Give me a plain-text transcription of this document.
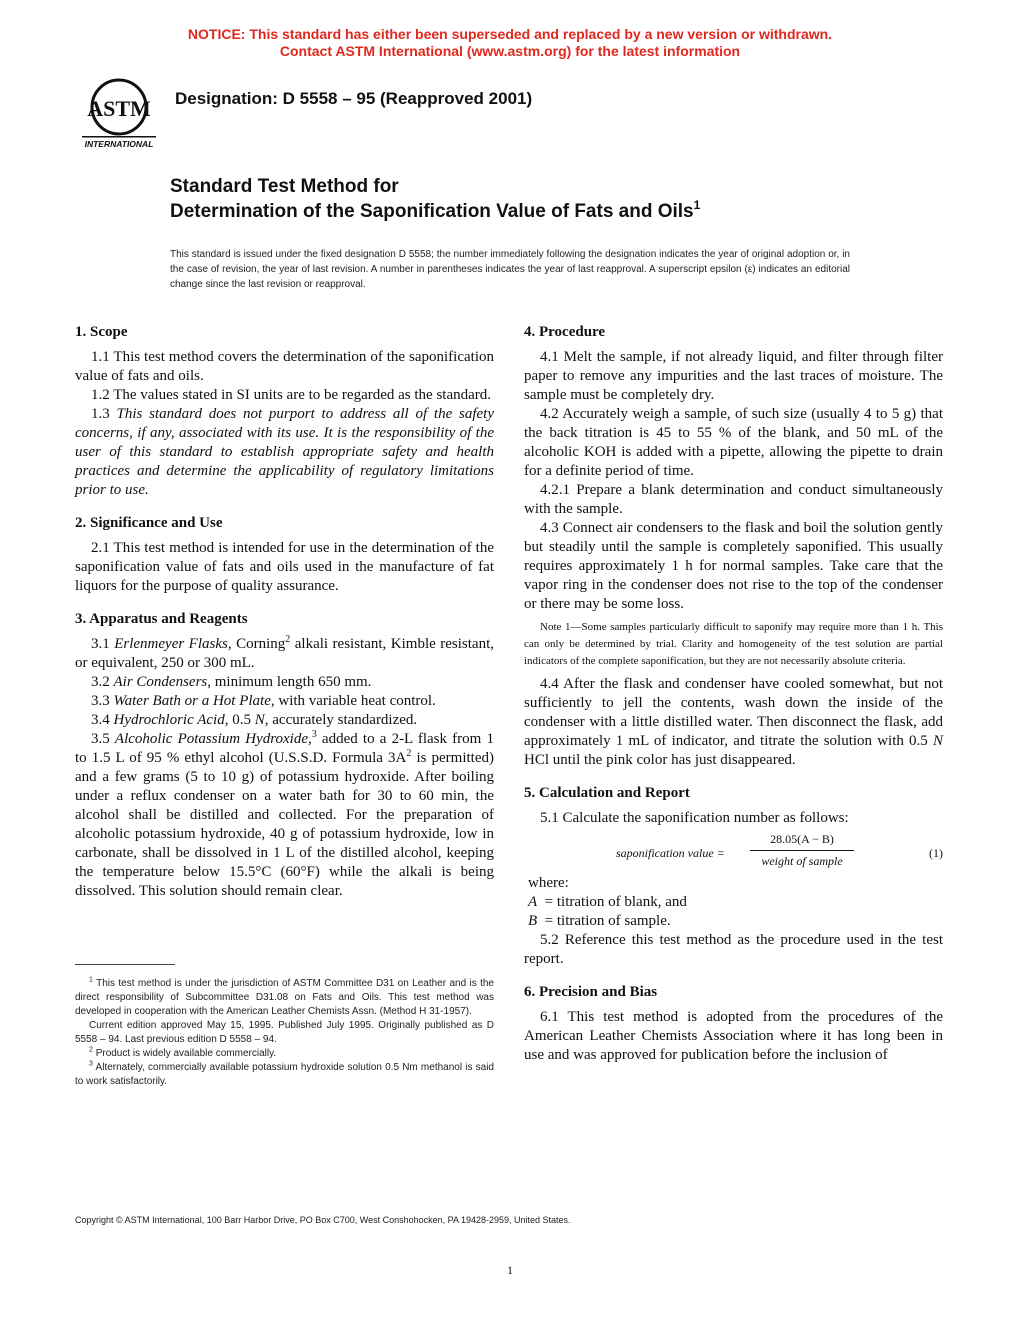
NOTICE: This standard has either been superseded and replaced by a new version or withdrawn.
Contact ASTM International (www.astm.org) for the latest information
ASTM
INTERNATIONAL
Designation: D 5558 – 95 (Reapproved 2001)
Standard Test Method for
Determination of the Saponification Value of Fats and Oils$^1$
This standard is issued under the fixed designation D 5558; the number immediately following the designation indicates the year of original adoption or, in the case of revision, the year of last revision. A number in parentheses indicates the year of last reapproval. A superscript epsilon (ε) indicates an editorial change since the last revision or reapproval.
1. Scope

1.1 This test method covers the determination of the saponification value of fats and oils.

1.2 The values stated in SI units are to be regarded as the standard.

1.3 This standard does not purport to address all of the safety concerns, if any, associated with its use. It is the responsibility of the user of this standard to establish appropriate safety and health practices and determine the applicability of regulatory limitations prior to use.

2. Significance and Use

2.1 This test method is intended for use in the determination of the saponification value of fats and oils used in the manufacture of fat liquors for the purpose of quality assurance.

3. Apparatus and Reagents

3.1 Erlenmeyer Flasks, Corning$^2$ alkali resistant, Kimble resistant, or equivalent, 250 or 300 mL.

3.2 Air Condensers, minimum length 650 mm.

3.3 Water Bath or a Hot Plate, with variable heat control.

3.4 Hydrochloric Acid, 0.5 N, accurately standardized.

3.5 Alcoholic Potassium Hydroxide,$^3$ added to a 2-L flask from 1 to 1.5 L of 95 % ethyl alcohol (U.S.S.D. Formula $3A^2$ is permitted) and a few grams (5 to 10 g) of potassium hydroxide. After boiling under a reflux condenser on a water bath for 30 to 60 min, the alcohol shall be distilled and collected. For the preparation of alcoholic potassium hydroxide, 40 g of potassium hydroxide, low in carbonate, shall be dissolved in 1 L of the distilled alcohol, keeping the temperature below 15.5°C (60°F) while the alkali is being dissolved. This solution should remain clear.

4. Procedure

4.1 Melt the sample, if not already liquid, and filter through filter paper to remove any impurities and the last traces of moisture. The sample must be completely dry.

4.2 Accurately weigh a sample, of such size (usually 4 to 5 g) that the back titration is 45 to 55 % of the blank, and 50 mL of the alcoholic KOH is added with a pipette, allowing the pipette to drain for a definite period of time.

4.2.1 Prepare a blank determination and conduct simultaneously with the sample.

4.3 Connect air condensers to the flask and boil the solution gently but steadily until the sample is completely saponified. This usually requires approximately 1 h for normal samples. Take care that the vapor ring in the condenser does not rise to the top of the condenser or there may be some loss.

Note 1—Some samples particularly difficult to saponify may require more than 1 h. This can only be determined by trial. Clarity and homogeneity of the test solution are partial indicators of the complete saponification, but they are not necessarily absolute criteria.

4.4 After the flask and condenser have cooled somewhat, but not sufficiently to jell the contents, wash down the inside of the condenser with a little distilled water. Then disconnect the flask, add approximately 1 mL of indicator, and titrate the solution with 0.5 N HCl until the pink color has just disappeared.

5. Calculation and Report

5.1 Calculate the saponification number as follows:

saponification value =
28.05(A − B)
weight of sample
(1)
where:
A = titration of blank, and
B = titration of sample.

5.2 Reference this test method as the procedure used in the test report.

6. Precision and Bias

6.1 This test method is adopted from the procedures of the American Leather Chemists Association where it has long been in use and was approved for publication before the inclusion of

$^1$ This test method is under the jurisdiction of ASTM Committee D31 on Leather and is the direct responsibility of Subcommittee D31.08 on Fats and Oils. This test method was developed in cooperation with the American Leather Chemists Assn. (Method H 31-1957).

Current edition approved May 15, 1995. Published July 1995. Originally published as D 5558 – 94. Last previous edition D 5558 – 94.

$^2$ Product is widely available commercially.

$^3$ Alternately, commercially available potassium hydroxide solution 0.5 Nm methanol is said to work satisfactorily.

Copyright © ASTM International, 100 Barr Harbor Drive, PO Box C700, West Conshohocken, PA 19428-2959, United States.
1
